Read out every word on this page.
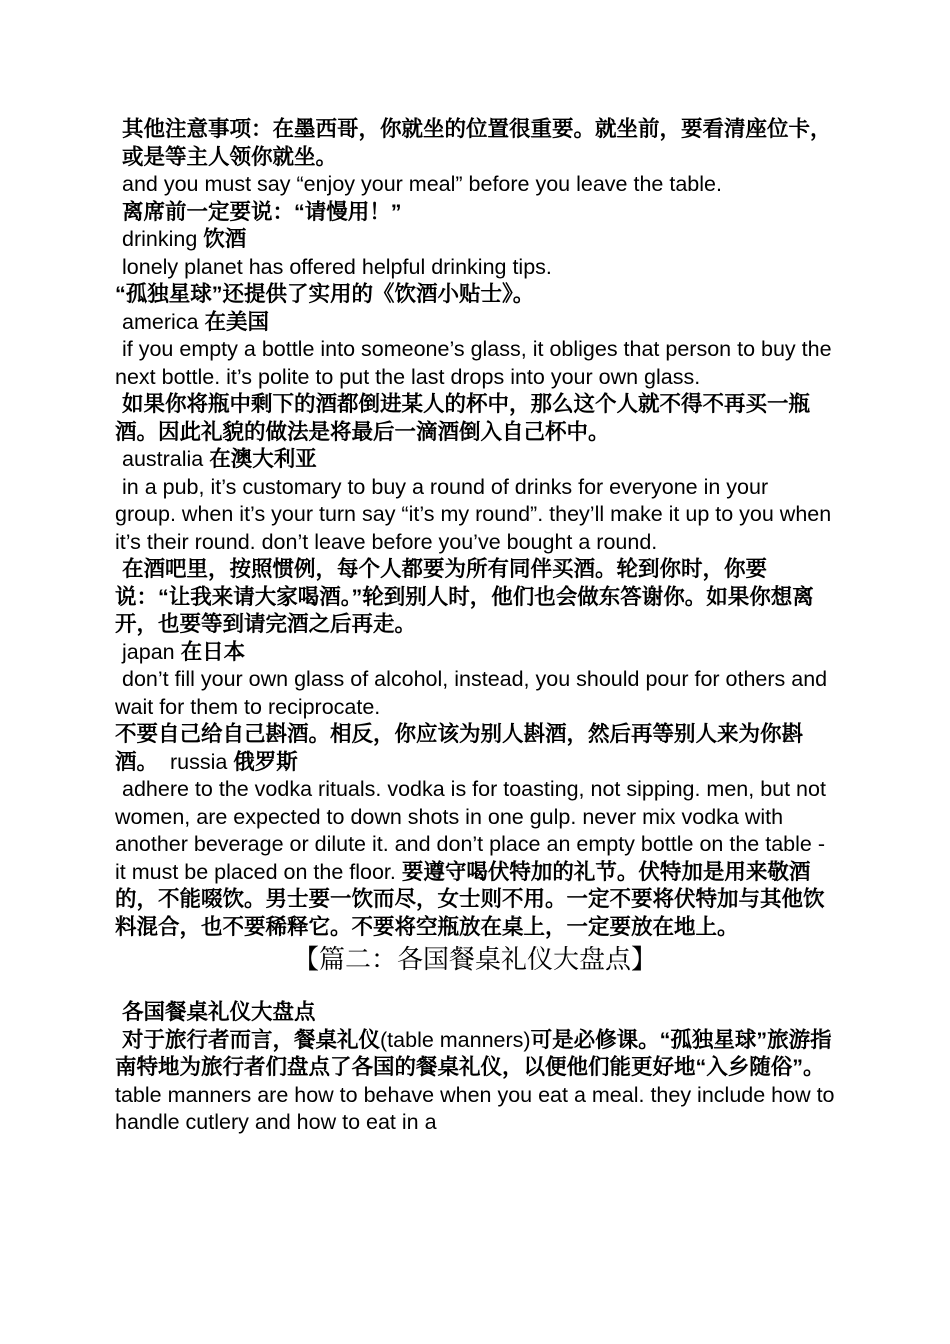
其他注意事项：在墨西哥，你就坐的位置很重要。就坐前，要看清座位卡，或是等主人领你就坐。

and you must say “enjoy your meal” before you leave the table.

离席前一定要说：“请慢用！”

drinking 饮酒

lonely planet has offered helpful drinking tips.

“孤独星球”还提供了实用的《饮酒小贴士》。

america 在美国

if you empty a bottle into someone’s glass, it obliges that person to buy the next bottle. it’s polite to put the last drops into your own glass.

如果你将瓶中剩下的酒都倒进某人的杯中，那么这个人就不得不再买一瓶酒。因此礼貌的做法是将最后一滴酒倒入自己杯中。

australia 在澳大利亚

in a pub, it’s customary to buy a round of drinks for everyone in your group. when it’s your turn say “it’s my round”. they’ll make it up to you when it’s their round. don’t leave before you’ve bought a round.

在酒吧里，按照惯例，每个人都要为所有同伴买酒。轮到你时，你要说：“让我来请大家喝酒。”轮到别人时，他们也会做东答谢你。如果你想离开，也要等到请完酒之后再走。

japan 在日本

don’t fill your own glass of alcohol, instead, you should pour for others and wait for them to reciprocate.

不要自己给自己斟酒。相反，你应该为别人斟酒，然后再等别人来为你斟酒。  russia 俄罗斯

adhere to the vodka rituals. vodka is for toasting, not sipping. men, but not women, are expected to down shots in one gulp. never mix vodka with another beverage or dilute it. and don’t place an empty bottle on the table - it must be placed on the floor. 要遵守喝伏特加的礼节。伏特加是用来敬酒的，不能啜饮。男士要一饮而尽，女士则不用。一定不要将伏特加与其他饮料混合，也不要稀释它。不要将空瓶放在桌上，一定要放在地上。

【篇二：各国餐桌礼仪大盘点】

各国餐桌礼仪大盘点

对于旅行者而言，餐桌礼仪(table manners)可是必修课。“孤独星球”旅游指南特地为旅行者们盘点了各国的餐桌礼仪，以便他们能更好地“入乡随俗”。   table manners are how to behave when you eat a meal. they include how to handle cutlery and how to eat in a
